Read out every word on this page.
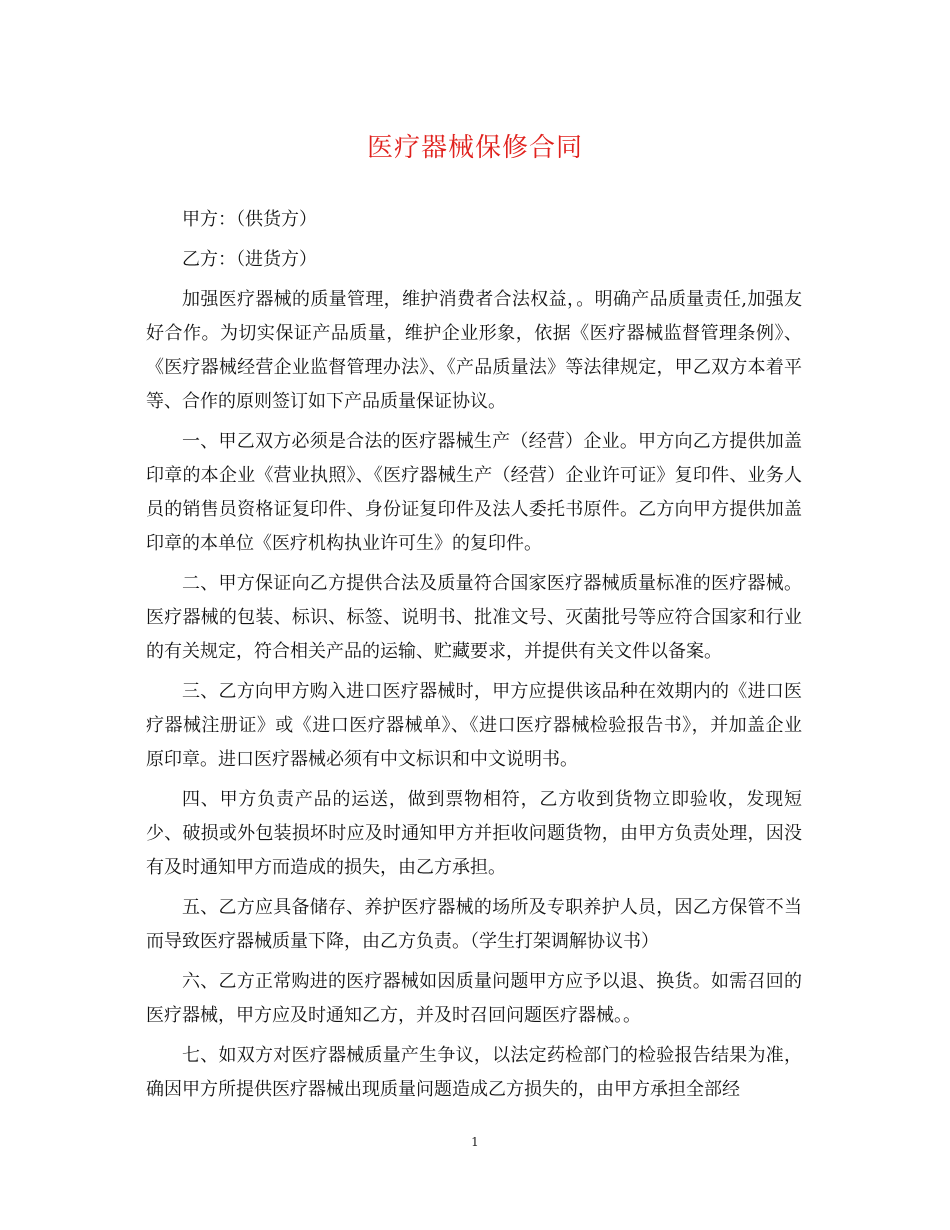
医疗器械保修合同

甲方：（供货方）

乙方：（进货方）

加强医疗器械的质量管理，维护消费者合法权益，。明确产品质量责任,加强友好合作。为切实保证产品质量，维护企业形象，依据《医疗器械监督管理条例》、《医疗器械经营企业监督管理办法》、《产品质量法》等法律规定，甲乙双方本着平等、合作的原则签订如下产品质量保证协议。

一、甲乙双方必须是合法的医疗器械生产（经营）企业。甲方向乙方提供加盖印章的本企业《营业执照》、《医疗器械生产（经营）企业许可证》复印件、业务人员的销售员资格证复印件、身份证复印件及法人委托书原件。乙方向甲方提供加盖印章的本单位《医疗机构执业许可生》的复印件。

二、甲方保证向乙方提供合法及质量符合国家医疗器械质量标准的医疗器械。医疗器械的包装、标识、标签、说明书、批准文号、灭菌批号等应符合国家和行业的有关规定，符合相关产品的运输、贮藏要求，并提供有关文件以备案。

三、乙方向甲方购入进口医疗器械时，甲方应提供该品种在效期内的《进口医疗器械注册证》或《进口医疗器械单》、《进口医疗器械检验报告书》，并加盖企业原印章。进口医疗器械必须有中文标识和中文说明书。

四、甲方负责产品的运送，做到票物相符，乙方收到货物立即验收，发现短少、破损或外包装损坏时应及时通知甲方并拒收问题货物，由甲方负责处理，因没有及时通知甲方而造成的损失，由乙方承担。

五、乙方应具备储存、养护医疗器械的场所及专职养护人员，因乙方保管不当而导致医疗器械质量下降，由乙方负责。（学生打架调解协议书）

六、乙方正常购进的医疗器械如因质量问题甲方应予以退、换货。如需召回的医疗器械，甲方应及时通知乙方，并及时召回问题医疗器械。。

七、如双方对医疗器械质量产生争议，以法定药检部门的检验报告结果为准，确因甲方所提供医疗器械出现质量问题造成乙方损失的，由甲方承担全部经

1
